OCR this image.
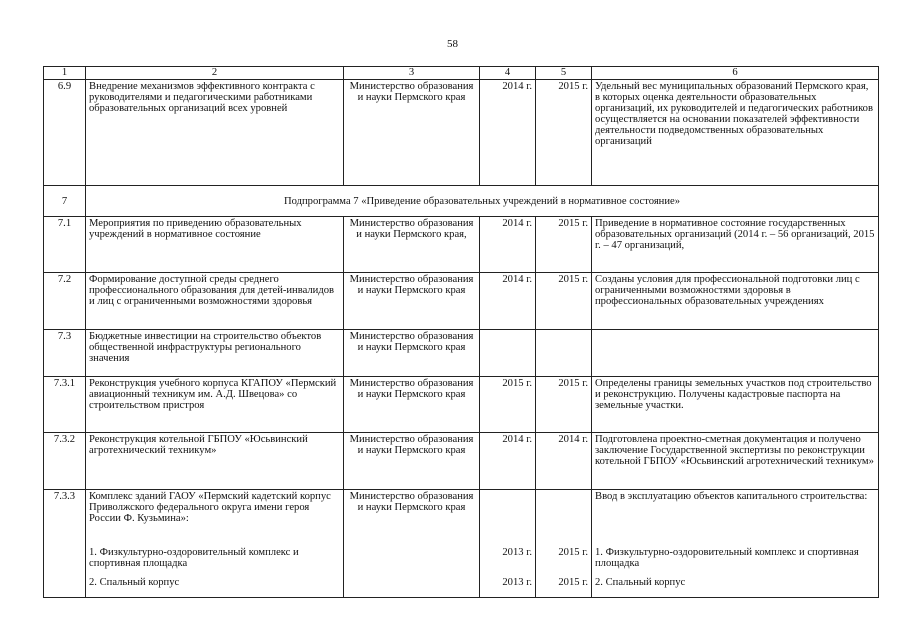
58
1	2	3	4	5	6
6.9	Внедрение механизмов эффективного контракта с руководителями и педагогическими работниками образовательных организаций всех уровней	Министерство образования и науки Пермского края	2014 г.	2015 г.	Удельный вес муниципальных образований Пермского края, в которых оценка деятельности образовательных организаций, их руководителей и педагогических работников осуществляется на основании показателей эффективности деятельности подведомственных образовательных организаций
7	Подпрограмма 7 «Приведение образовательных учреждений в нормативное состояние»				
7.1	Мероприятия по приведению образовательных учреждений в нормативное состояние	Министерство образования и науки Пермского края,	2014 г.	2015 г.	Приведение в нормативное состояние государственных образовательных организаций (2014 г. – 56 организаций, 2015 г. – 47 организаций,
7.2	Формирование доступной среды среднего профессионального образования для детей-инвалидов и лиц с ограниченными возможностями здоровья	Министерство образования и науки Пермского края	2014 г.	2015 г.	Созданы условия для профессиональной подготовки лиц с ограниченными возможностями здоровья в профессиональных образовательных учреждениях
7.3	Бюджетные инвестиции на строительство объектов общественной инфраструктуры регионального значения	Министерство образования и науки Пермского края			
7.3.1	Реконструкция учебного корпуса КГАПОУ «Пермский авиационный техникум им. А.Д. Швецова» со строительством пристроя	Министерство образования и науки Пермского края	2015 г.	2015 г.	Определены границы земельных участков под строительство и реконструкцию. Получены кадастровые паспорта на земельные участки.
7.3.2	Реконструкция котельной ГБПОУ «Юсьвинский агротехнический техникум»	Министерство образования и науки Пермского края	2014 г.	2014 г.	Подготовлена проектно-сметная документация и получено заключение Государственной экспертизы по реконструкции котельной ГБПОУ «Юсьвинский агротехнический техникум»
7.3.3	Комплекс зданий ГАОУ «Пермский кадетский корпус Приволжского федерального округа имени героя России Ф. Кузьмина»:	Министерство образования и науки Пермского края			Ввод в эксплуатацию объектов капитального строительства:
	1. Физкультурно-оздоровительный комплекс и спортивная площадка		2013 г.	2015 г.	1. Физкультурно-оздоровительный комплекс и спортивная площадка
	2. Спальный корпус		2013 г.	2015 г.	2. Спальный корпус
